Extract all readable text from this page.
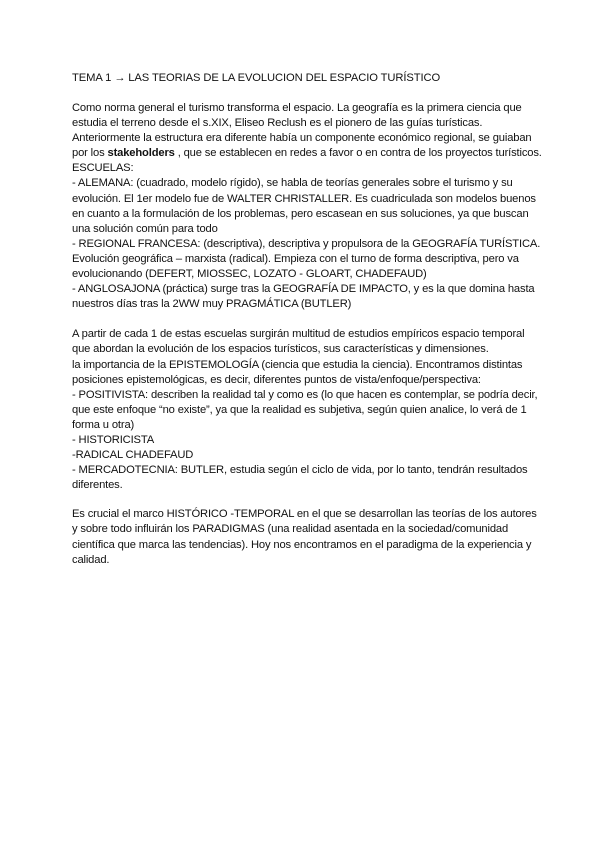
TEMA 1 → LAS TEORIAS DE LA EVOLUCION DEL ESPACIO TURÍSTICO

Como norma general el turismo transforma el espacio. La geografía es la primera ciencia que estudia el terreno desde el s.XIX, Eliseo Reclush es el pionero de las guías turísticas. Anteriormente la estructura era diferente había un componente económico regional, se guiaban por los stakeholders , que se establecen en redes a favor o en contra de los proyectos turísticos.

ESCUELAS:

- ALEMANA: (cuadrado, modelo rígido), se habla de teorías generales sobre el turismo y su evolución. El 1er modelo fue de WALTER CHRISTALLER. Es cuadriculada son modelos buenos en cuanto a la formulación de los problemas, pero escasean en sus soluciones, ya que buscan una solución común para todo

- REGIONAL FRANCESA: (descriptiva), descriptiva y propulsora de la GEOGRAFÍA TURÍSTICA. Evolución geográfica – marxista (radical). Empieza con el turno de forma descriptiva, pero va evolucionando (DEFERT, MIOSSEC, LOZATO - GLOART, CHADEFAUD)

- ANGLOSAJONA (práctica) surge tras la GEOGRAFÍA DE IMPACTO, y es la que domina hasta nuestros días tras la 2WW muy PRAGMÁTICA (BUTLER)

A partir de cada 1 de estas escuelas surgirán multitud de estudios empíricos espacio temporal que abordan la evolución de los espacios turísticos, sus características y dimensiones.

la importancia de la EPISTEMOLOGÍA (ciencia que estudia la ciencia). Encontramos distintas posiciones epistemológicas, es decir, diferentes puntos de vista/enfoque/perspectiva:

- POSITIVISTA: describen la realidad tal y como es (lo que hacen es contemplar, se podría decir, que este enfoque “no existe”, ya que la realidad es subjetiva, según quien analice, lo verá de 1 forma u otra)

- HISTORICISTA

-RADICAL CHADEFAUD

- MERCADOTECNIA: BUTLER, estudia según el ciclo de vida, por lo tanto, tendrán resultados diferentes.

Es crucial el marco HISTÓRICO -TEMPORAL en el que se desarrollan las teorías de los autores y sobre todo influirán los PARADIGMAS (una realidad asentada en la sociedad/comunidad científica que marca las tendencias). Hoy nos encontramos en el paradigma de la experiencia y calidad.
